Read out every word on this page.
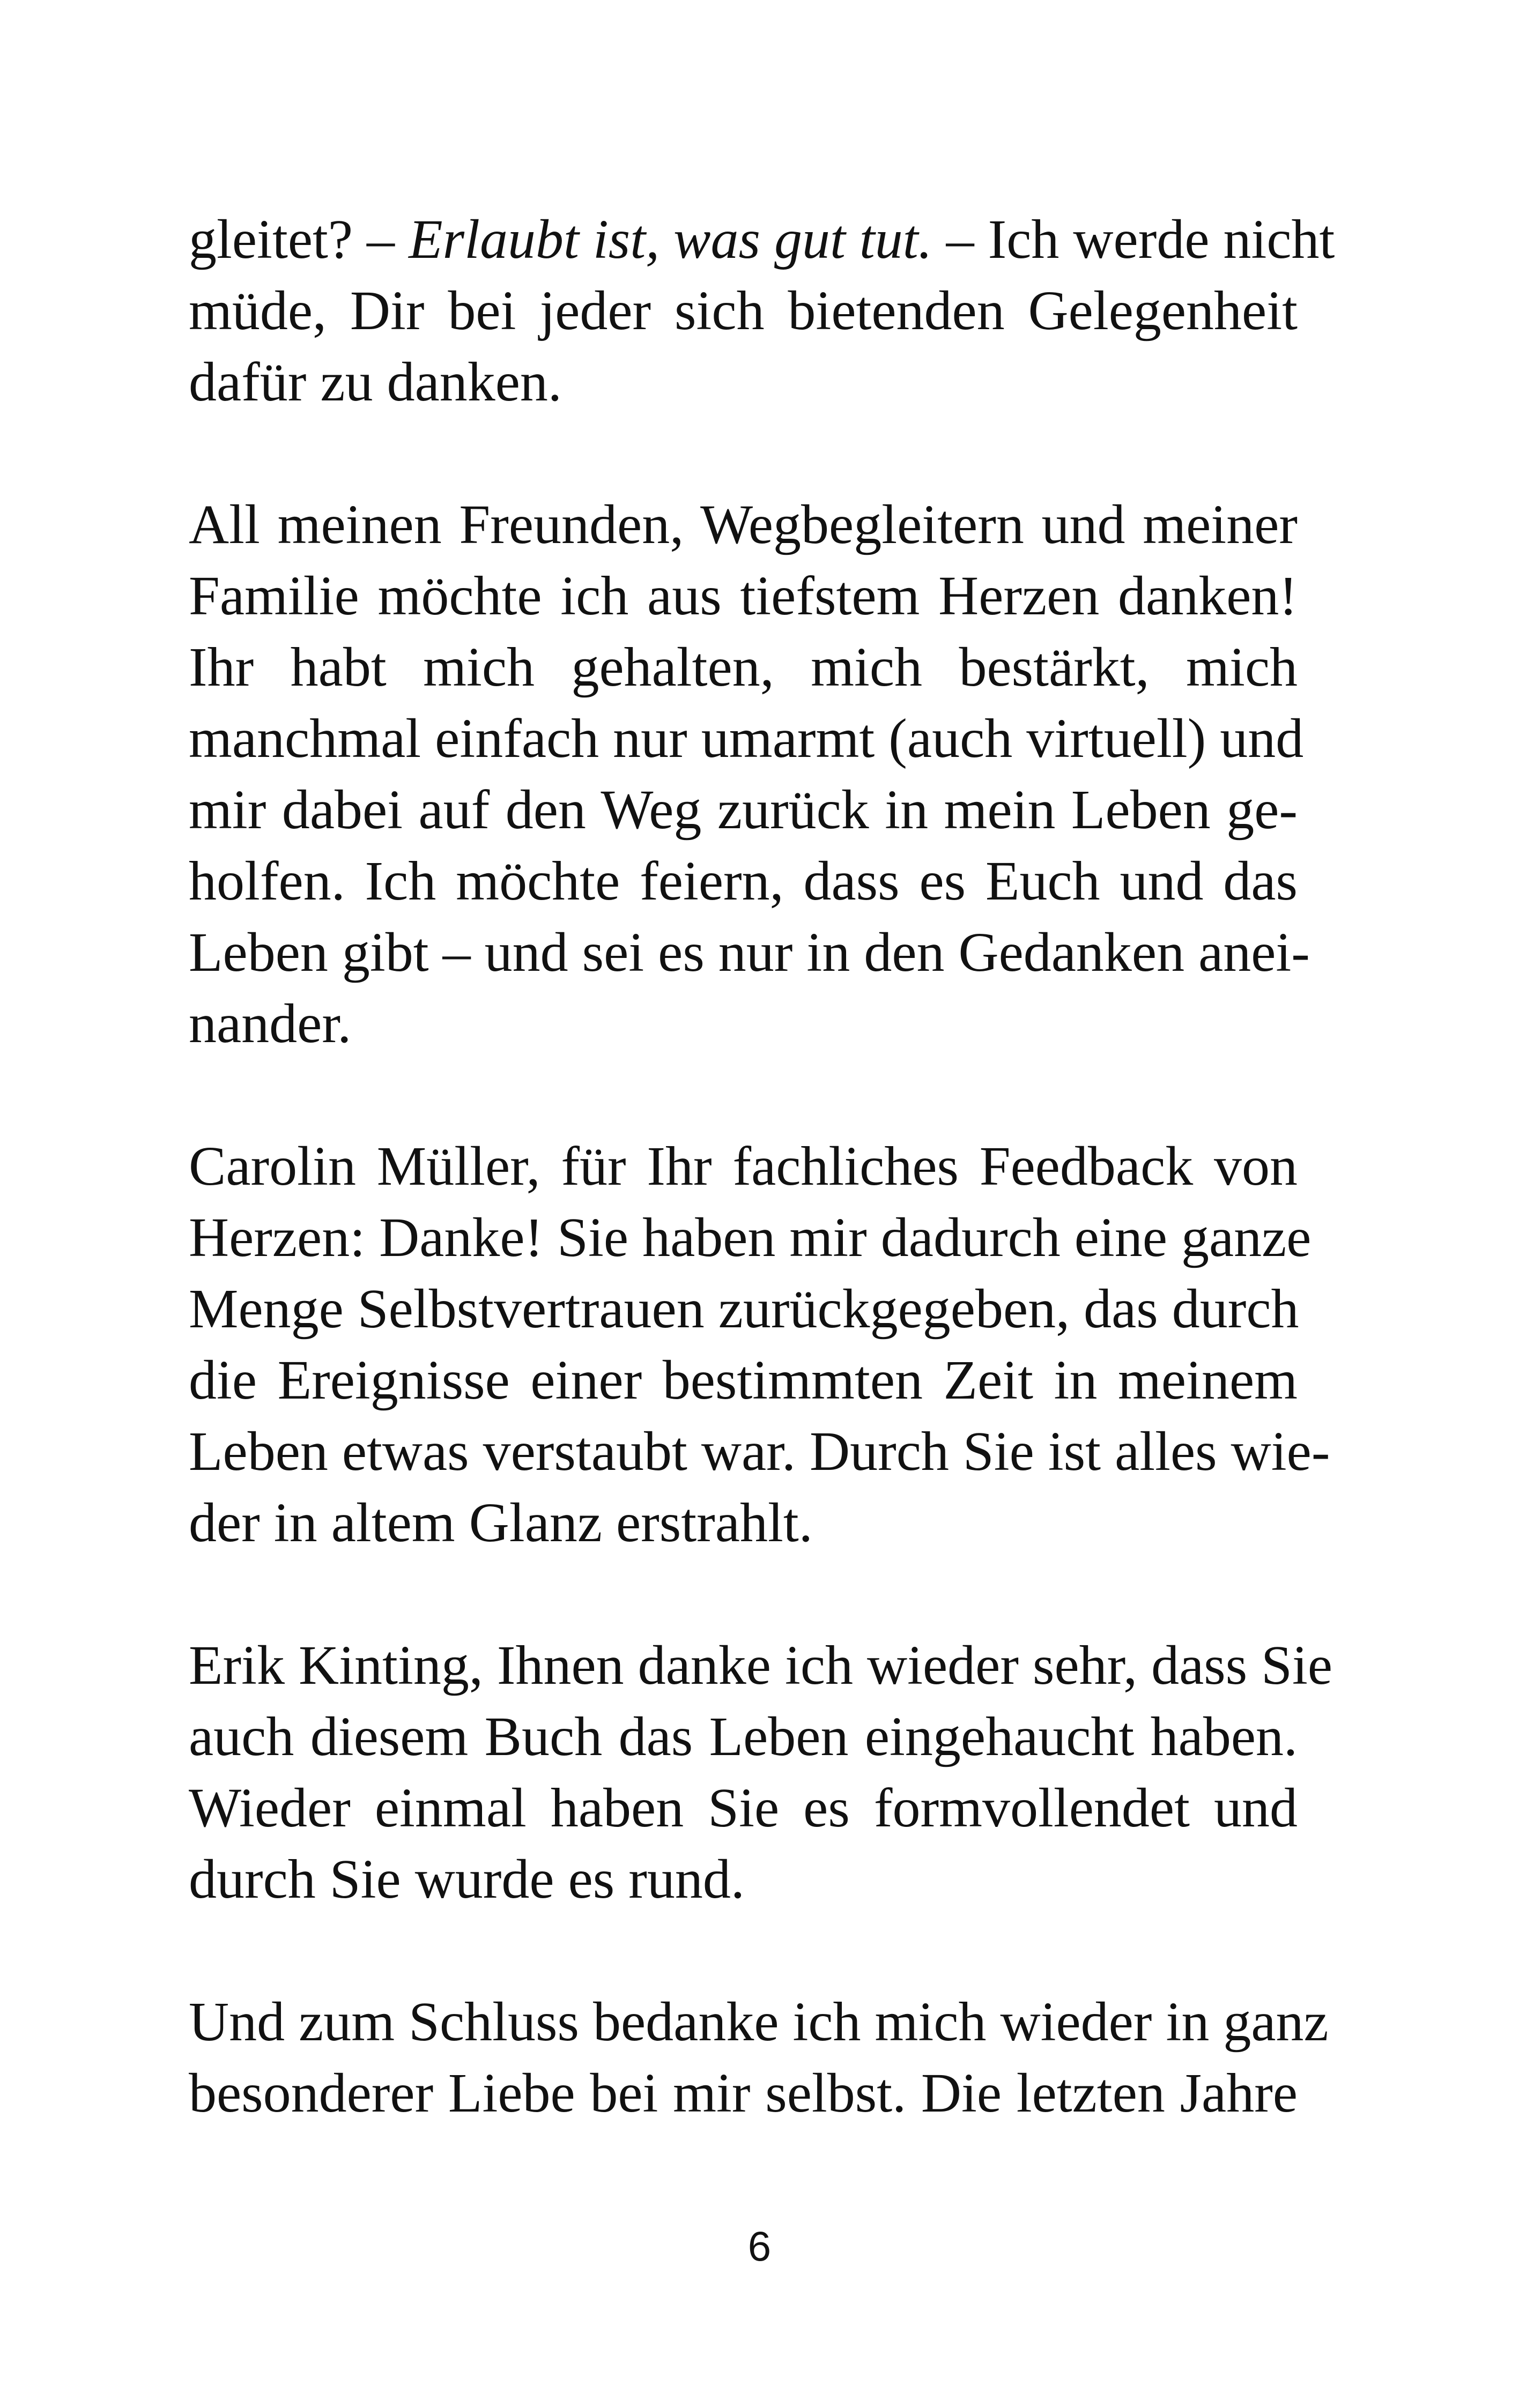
gleitet? – Erlaubt ist, was gut tut. – Ich werde nicht
müde, Dir bei jeder sich bietenden Gelegenheit
dafür zu danken.
All meinen Freunden, Wegbegleitern und meiner
Familie möchte ich aus tiefstem Herzen danken!
Ihr habt mich gehalten, mich bestärkt, mich
manchmal einfach nur umarmt (auch virtuell) und
mir dabei auf den Weg zurück in mein Leben ge-
holfen. Ich möchte feiern, dass es Euch und das
Leben gibt – und sei es nur in den Gedanken anei-
nander.
Carolin Müller, für Ihr fachliches Feedback von
Herzen: Danke! Sie haben mir dadurch eine ganze
Menge Selbstvertrauen zurückgegeben, das durch
die Ereignisse einer bestimmten Zeit in meinem
Leben etwas verstaubt war. Durch Sie ist alles wie-
der in altem Glanz erstrahlt.
Erik Kinting, Ihnen danke ich wieder sehr, dass Sie
auch diesem Buch das Leben eingehaucht haben.
Wieder einmal haben Sie es formvollendet und
durch Sie wurde es rund.
Und zum Schluss bedanke ich mich wieder in ganz
besonderer Liebe bei mir selbst. Die letzten Jahre
6
